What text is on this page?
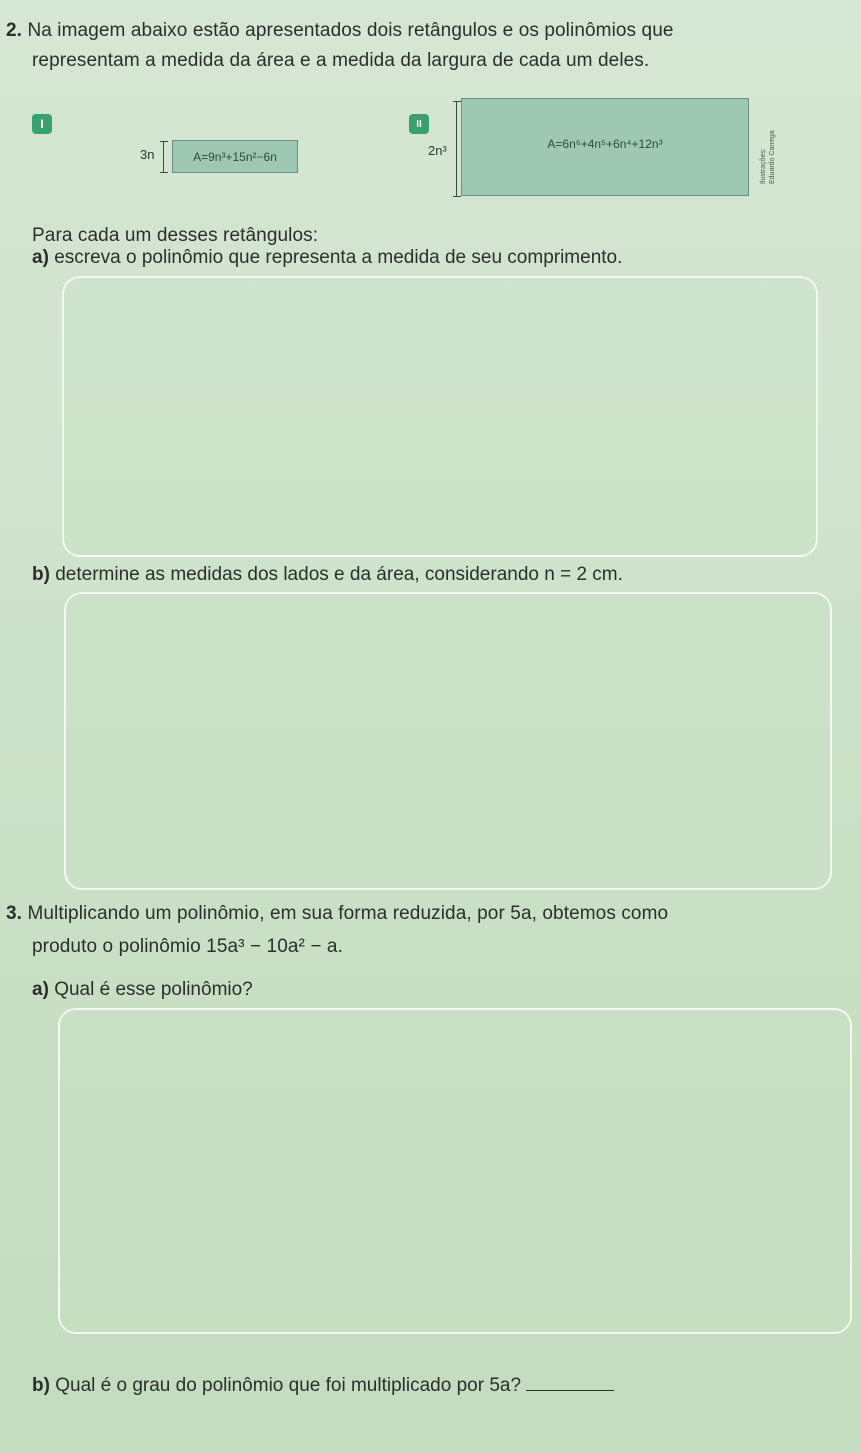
2. Na imagem abaixo estão apresentados dois retângulos e os polinômios que
representam a medida da área e a medida da largura de cada um deles.
I
3n	A=9n³+15n²−6n
II
2n³	A=6n⁶+4n⁵+6n⁴+12n³
Ilustrações: Eduardo Carrega
Para cada um desses retângulos:
a) escreva o polinômio que representa a medida de seu comprimento.
b) determine as medidas dos lados e da área, considerando n = 2 cm.
3. Multiplicando um polinômio, em sua forma reduzida, por 5a, obtemos como
produto o polinômio 15a³ − 10a² − a.
a) Qual é esse polinômio?
b) Qual é o grau do polinômio que foi multiplicado por 5a?
